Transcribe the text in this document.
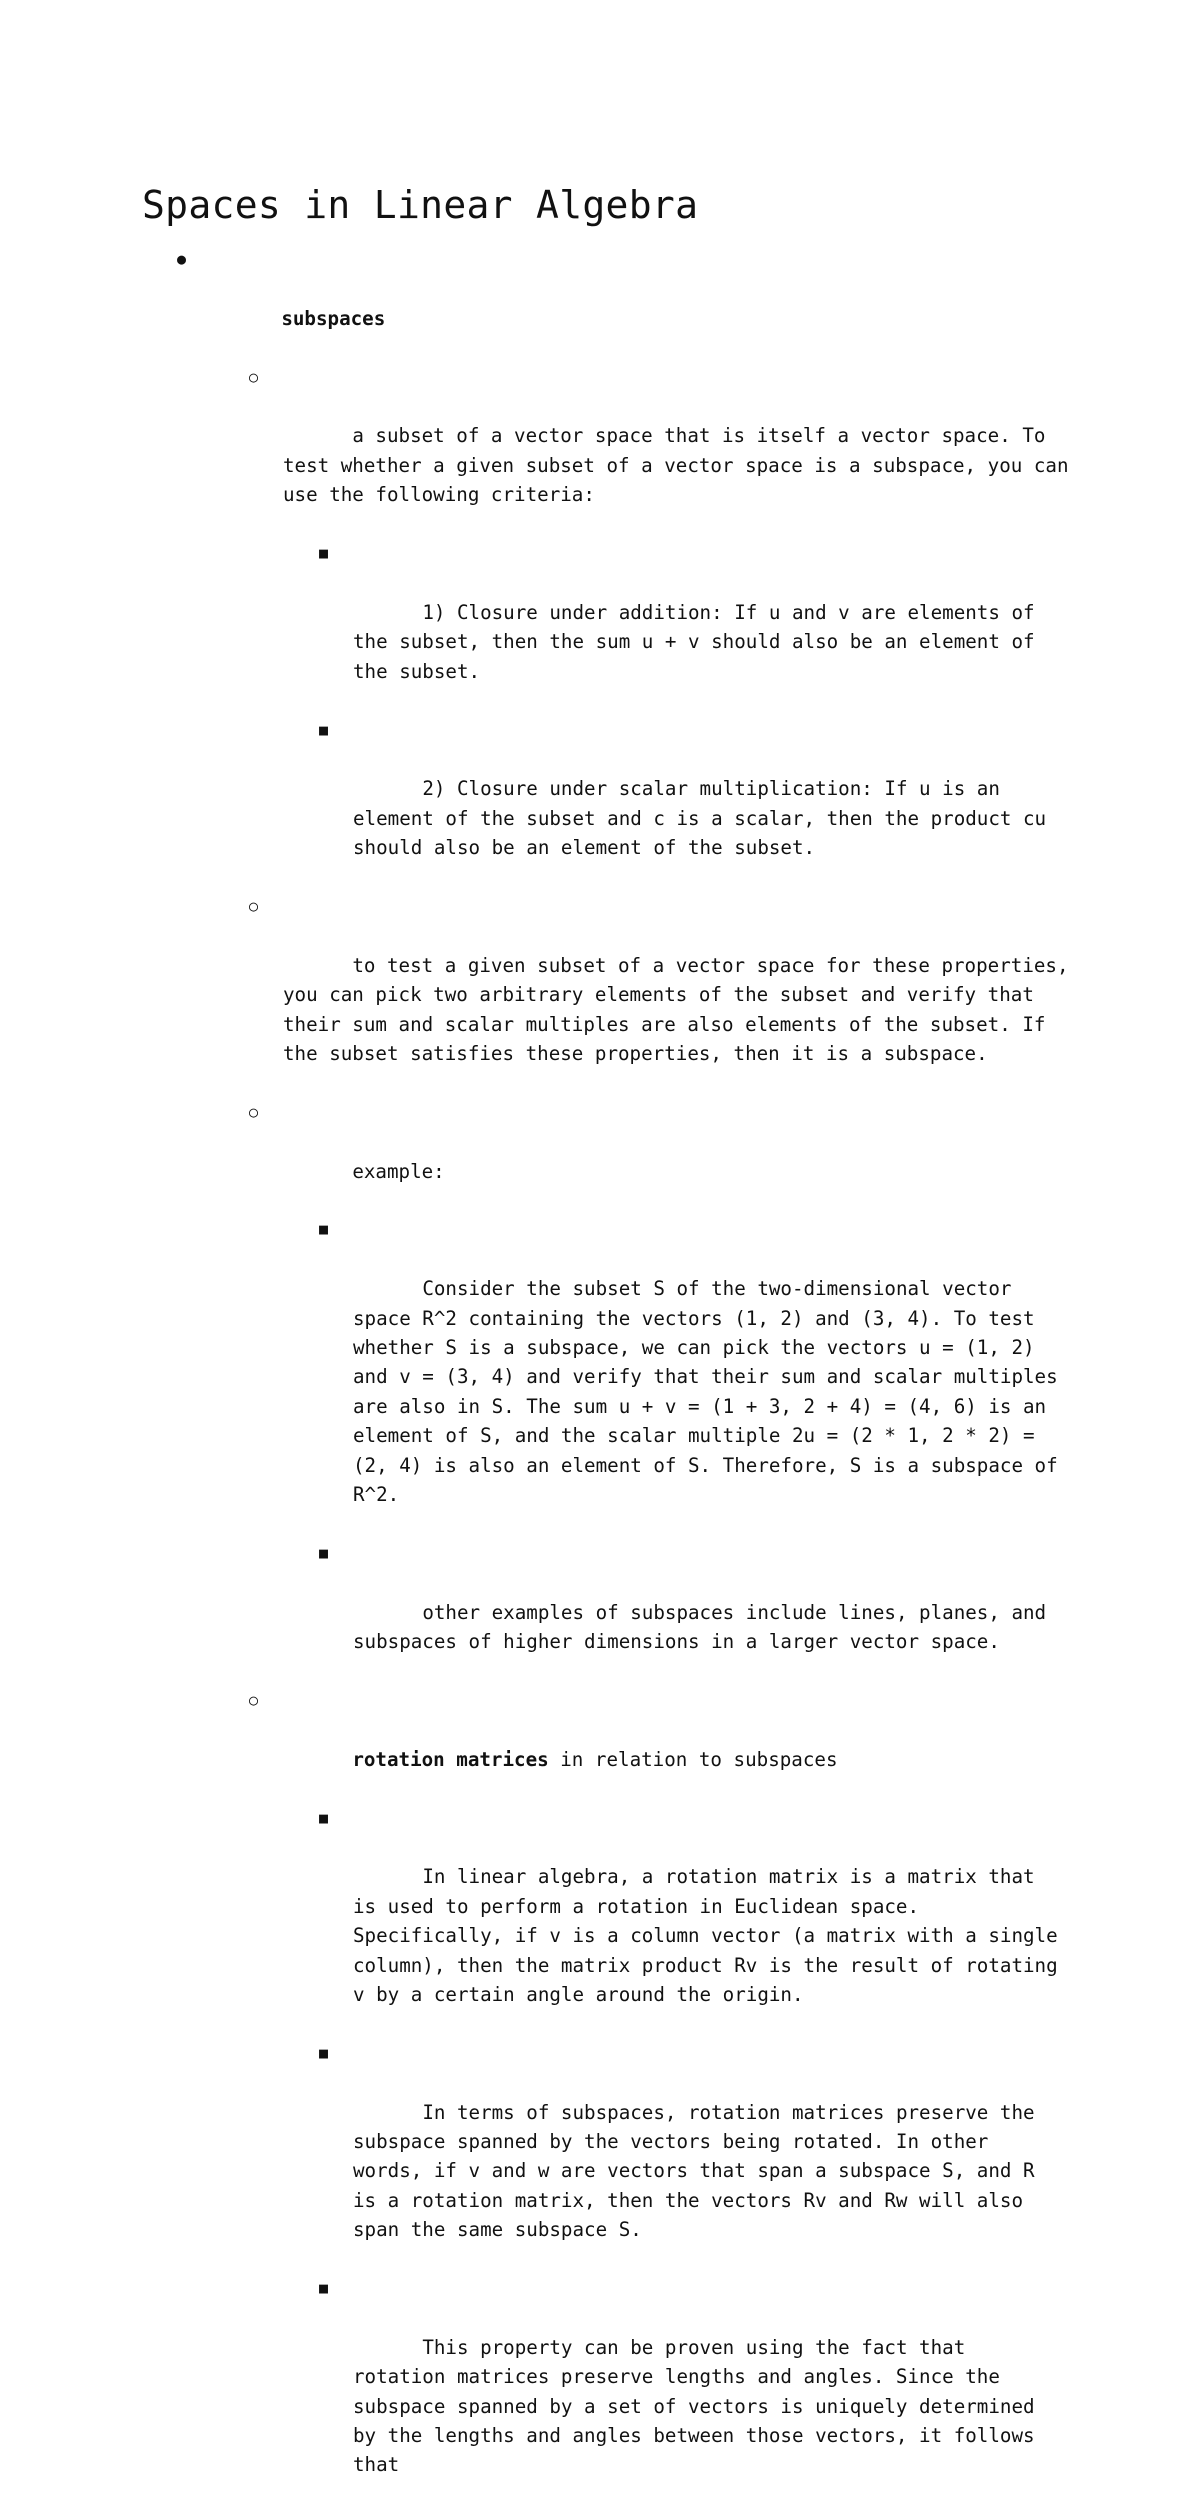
Spaces in Linear Algebra

●

subspaces

○

a subset of a vector space that is itself a vector space. To test whether a given subset of a vector space is a subspace, you can use the following criteria:

■

1) Closure under addition: If u and v are elements of the subset, then the sum u + v should also be an element of the subset.

■

2) Closure under scalar multiplication: If u is an element of the subset and c is a scalar, then the product cu should also be an element of the subset.

○

to test a given subset of a vector space for these properties, you can pick two arbitrary elements of the subset and verify that their sum and scalar multiples are also elements of the subset. If the subset satisfies these properties, then it is a subspace.

○

example:

■

Consider the subset S of the two-dimensional vector space R^2 containing the vectors (1, 2) and (3, 4). To test whether S is a subspace, we can pick the vectors u = (1, 2) and v = (3, 4) and verify that their sum and scalar multiples are also in S. The sum u + v = (1 + 3, 2 + 4) = (4, 6) is an element of S, and the scalar multiple 2u = (2 * 1, 2 * 2) = (2, 4) is also an element of S. Therefore, S is a subspace of R^2.

■

other examples of subspaces include lines, planes, and subspaces of higher dimensions in a larger vector space.

○

rotation matrices in relation to subspaces

■

In linear algebra, a rotation matrix is a matrix that is used to perform a rotation in Euclidean space. Specifically, if v is a column vector (a matrix with a single column), then the matrix product Rv is the result of rotating v by a certain angle around the origin.

■

In terms of subspaces, rotation matrices preserve the subspace spanned by the vectors being rotated. In other words, if v and w are vectors that span a subspace S, and R is a rotation matrix, then the vectors Rv and Rw will also span the same subspace S.

■

This property can be proven using the fact that rotation matrices preserve lengths and angles. Since the subspace spanned by a set of vectors is uniquely determined by the lengths and angles between those vectors, it follows that
